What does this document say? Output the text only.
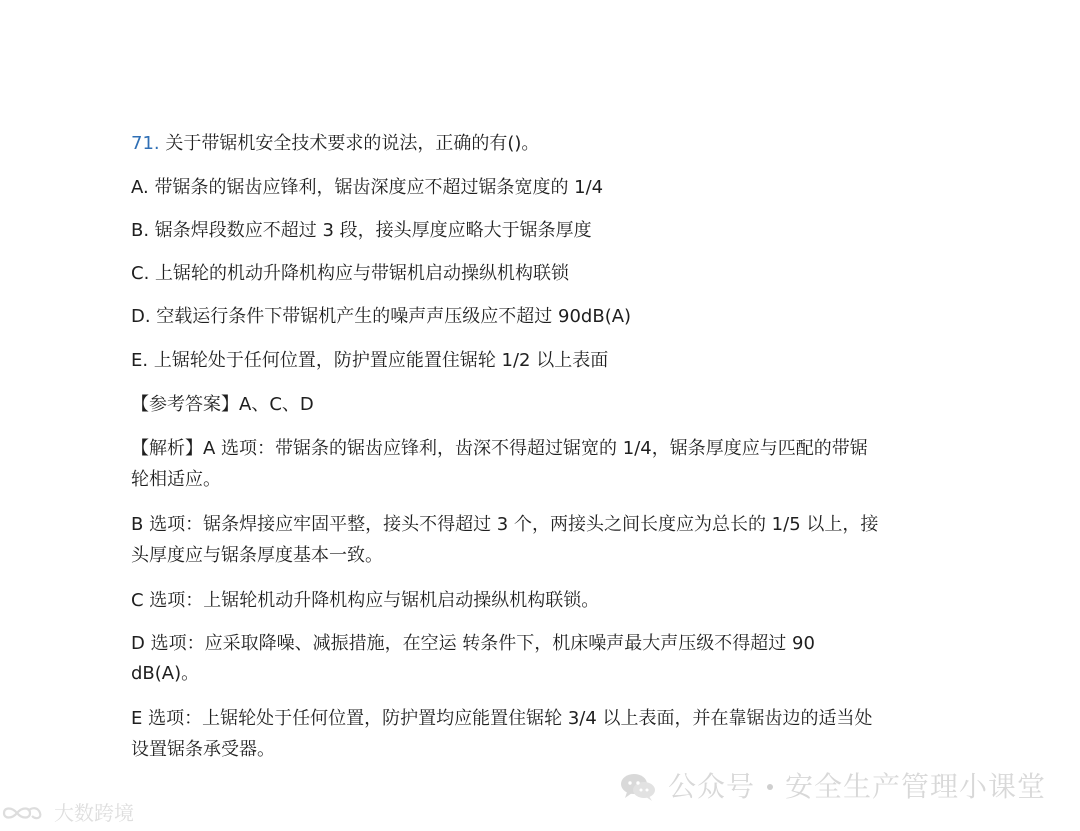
71. 关于带锯机安全技术要求的说法，正确的有()。
A. 带锯条的锯齿应锋利，锯齿深度应不超过锯条宽度的 1/4
B. 锯条焊段数应不超过 3 段，接头厚度应略大于锯条厚度
C. 上锯轮的机动升降机构应与带锯机启动操纵机构联锁
D. 空载运行条件下带锯机产生的噪声声压级应不超过 90dB(A)
E. 上锯轮处于任何位置，防护置应能置住锯轮 1/2 以上表面
【参考答案】A、C、D
【解析】A 选项：带锯条的锯齿应锋利，齿深不得超过锯宽的 1/4，锯条厚度应与匹配的带锯
轮相适应。
B 选项：锯条焊接应牢固平整，接头不得超过 3 个，两接头之间长度应为总长的 1/5 以上，接
头厚度应与锯条厚度基本一致。
C 选项：上锯轮机动升降机构应与锯机启动操纵机构联锁。
D 选项：应采取降噪、减振措施，在空运 转条件下，机床噪声最大声压级不得超过 90
dB(A)。
E 选项：上锯轮处于任何位置，防护置均应能置住锯轮 3/4 以上表面，并在靠锯齿边的适当处
设置锯条承受器。
公众号 安全生产管理小课堂
大数跨境
